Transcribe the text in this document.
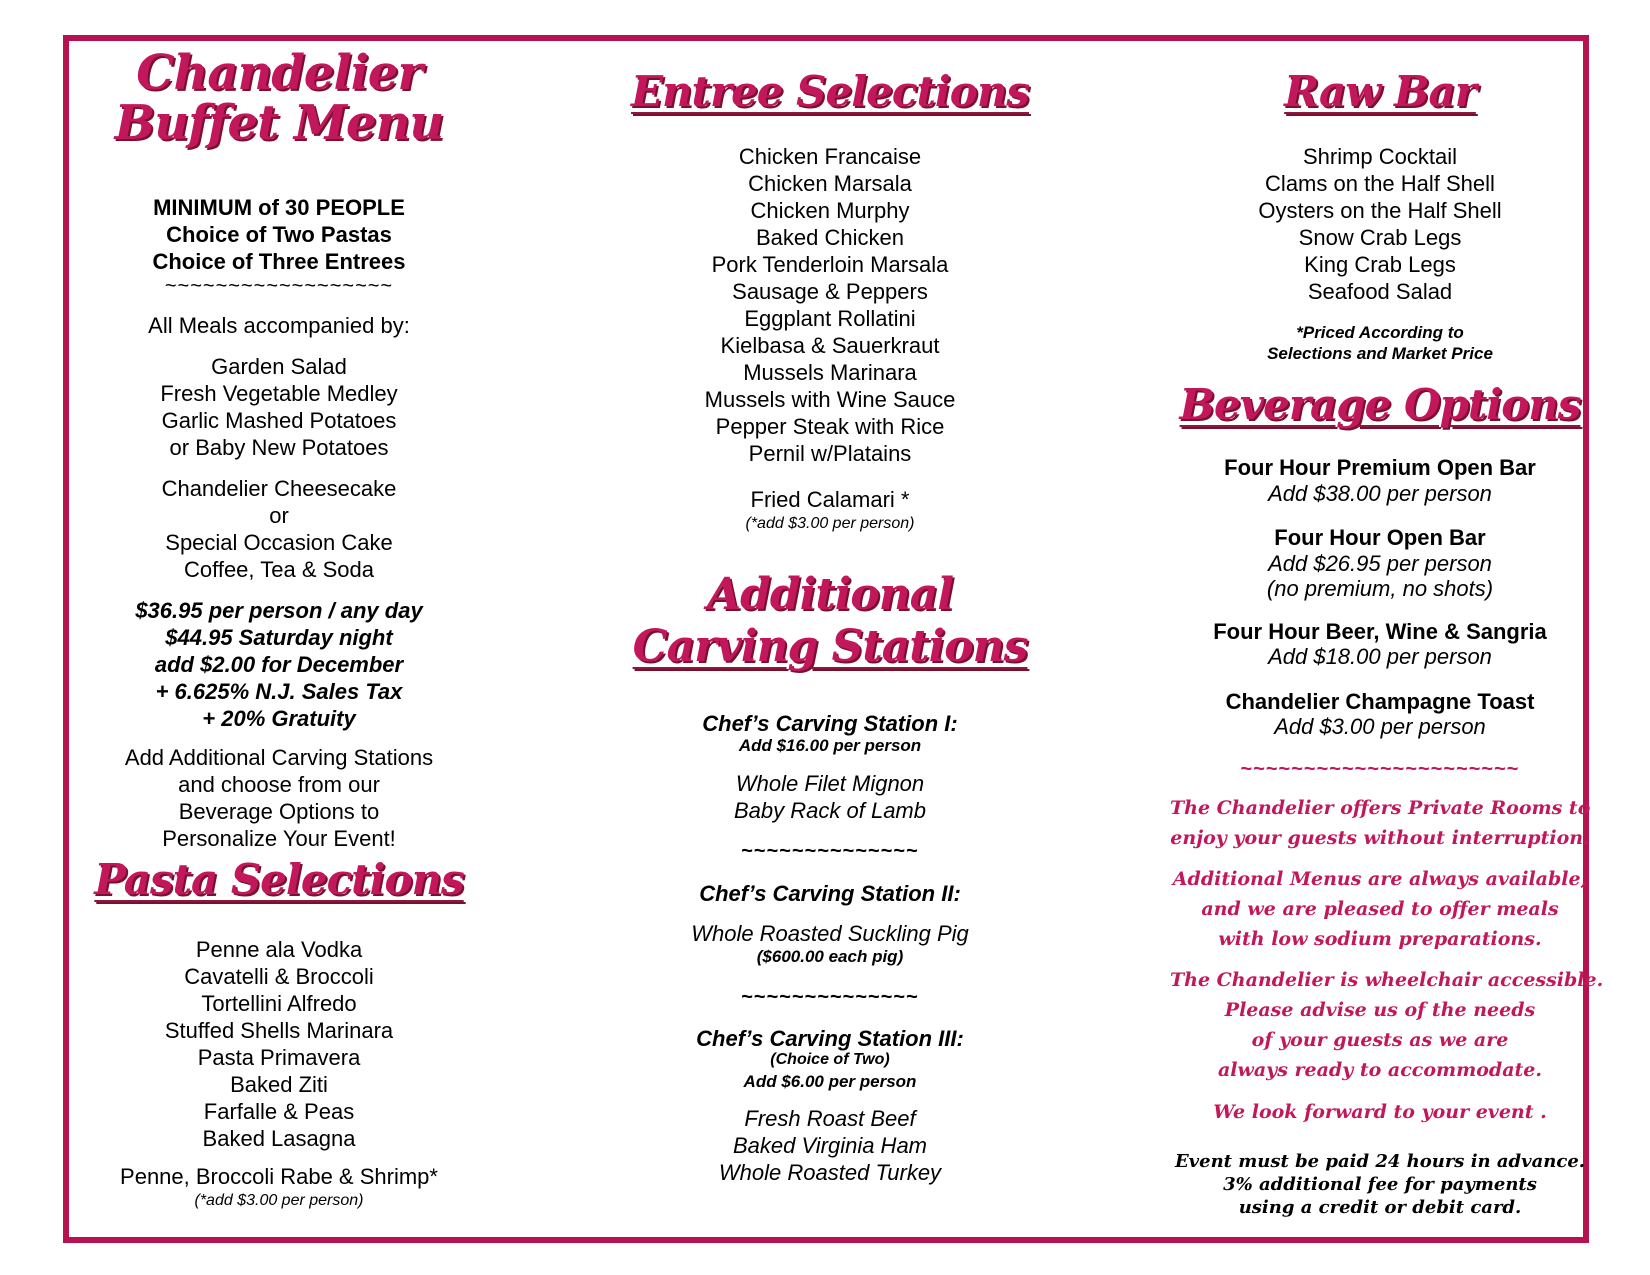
Chandelier
Buffet Menu
MINIMUM of 30 PEOPLE
Choice of Two Pastas
Choice of Three Entrees
~~~~~~~~~~~~~~~~~~
All Meals accompanied by:
Garden Salad
Fresh Vegetable Medley
Garlic Mashed Potatoes
or Baby New Potatoes
Chandelier Cheesecake
or
Special Occasion Cake
Coffee, Tea & Soda
$36.95 per person / any day
$44.95 Saturday night
add $2.00 for December
+ 6.625% N.J. Sales Tax
+ 20% Gratuity
Add Additional Carving Stations
and choose from our
Beverage Options to
Personalize Your Event!
Pasta Selections
Penne ala Vodka
Cavatelli & Broccoli
Tortellini Alfredo
Stuffed Shells Marinara
Pasta Primavera
Baked Ziti
Farfalle & Peas
Baked Lasagna
Penne, Broccoli Rabe & Shrimp*
(*add $3.00 per person)
Entree Selections
Chicken Francaise
Chicken Marsala
Chicken Murphy
Baked Chicken
Pork Tenderloin Marsala
Sausage & Peppers
Eggplant Rollatini
Kielbasa & Sauerkraut
Mussels Marinara
Mussels with Wine Sauce
Pepper Steak with Rice
Pernil w/Platains
Fried Calamari *
(*add $3.00 per person)
Additional
Carving Stations
Chef’s Carving Station I:
Add $16.00 per person
Whole Filet Mignon
Baby Rack of Lamb
~~~~~~~~~~~~~~
Chef’s Carving Station II:
Whole Roasted Suckling Pig
($600.00 each pig)
~~~~~~~~~~~~~~
Chef’s Carving Station III:
(Choice of Two)
Add $6.00 per person
Fresh Roast Beef
Baked Virginia Ham
Whole Roasted Turkey
Raw Bar
Shrimp Cocktail
Clams on the Half Shell
Oysters on the Half Shell
Snow Crab Legs
King Crab Legs
Seafood Salad
*Priced According to
Selections and Market Price
Beverage Options
Four Hour Premium Open Bar
Add $38.00 per person
Four Hour Open Bar
Add $26.95 per person
(no premium, no shots)
Four Hour Beer, Wine & Sangria
Add $18.00 per person
Chandelier Champagne Toast
Add $3.00 per person
~~~~~~~~~~~~~~~~~~~~~~
The Chandelier offers Private Rooms to
enjoy your guests without interruption.
Additional Menus are always available,
and we are pleased to offer meals
with low sodium preparations.
The Chandelier is wheelchair accessible.
Please advise us of the needs
of your guests as we are
always ready to accommodate.
We look forward to your event .
Event must be paid 24 hours in advance.
3% additional fee for payments
using a credit or debit card.
